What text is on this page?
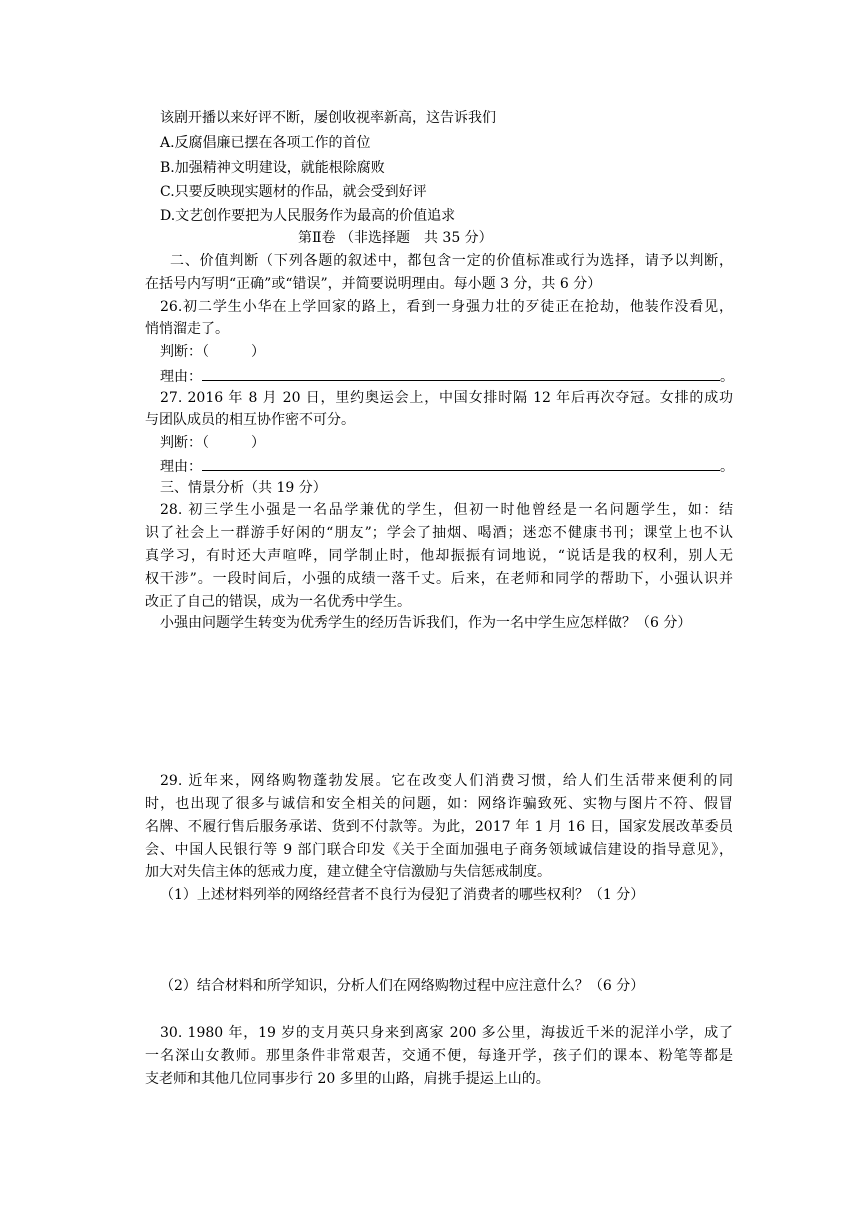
该剧开播以来好评不断，屡创收视率新高，这告诉我们
A.反腐倡廉已摆在各项工作的首位
B.加强精神文明建设，就能根除腐败
C.只要反映现实题材的作品，就会受到好评
D.文艺创作要把为人民服务作为最高的价值追求
第Ⅱ卷 （非选择题　共 35 分）
二、价值判断（下列各题的叙述中，都包含一定的价值标准或行为选择，请予以判断，
在括号内写明“正确”或“错误”，并简要说明理由。每小题 3 分，共 6 分）
26.初二学生小华在上学回家的路上，看到一身强力壮的歹徒正在抢劫，他装作没看见，
悄悄溜走了。
判断：（　　　）
理由：	。
27. 2016 年 8 月 20 日，里约奥运会上，中国女排时隔 12 年后再次夺冠。女排的成功
与团队成员的相互协作密不可分。
判断：（　　　）
理由：	。
三、情景分析（共 19 分）
28. 初三学生小强是一名品学兼优的学生，但初一时他曾经是一名问题学生，如：结
识了社会上一群游手好闲的“朋友”；学会了抽烟、喝酒；迷恋不健康书刊；课堂上也不认
真学习，有时还大声喧哗，同学制止时，他却振振有词地说，“说话是我的权利，别人无
权干涉”。一段时间后，小强的成绩一落千丈。后来，在老师和同学的帮助下，小强认识并
改正了自己的错误，成为一名优秀中学生。
小强由问题学生转变为优秀学生的经历告诉我们，作为一名中学生应怎样做？（6 分）
29. 近年来，网络购物蓬勃发展。它在改变人们消费习惯，给人们生活带来便利的同
时，也出现了很多与诚信和安全相关的问题，如：网络诈骗致死、实物与图片不符、假冒
名牌、不履行售后服务承诺、货到不付款等。为此，2017 年 1 月 16 日，国家发展改革委员
会、中国人民银行等 9 部门联合印发《关于全面加强电子商务领域诚信建设的指导意见》，
加大对失信主体的惩戒力度，建立健全守信激励与失信惩戒制度。
（1）上述材料列举的网络经营者不良行为侵犯了消费者的哪些权利？（1 分）
（2）结合材料和所学知识，分析人们在网络购物过程中应注意什么？（6 分）
30. 1980 年，19 岁的支月英只身来到离家 200 多公里，海拔近千米的泥洋小学，成了
一名深山女教师。那里条件非常艰苦，交通不便，每逢开学，孩子们的课本、粉笔等都是
支老师和其他几位同事步行 20 多里的山路，肩挑手提运上山的。
